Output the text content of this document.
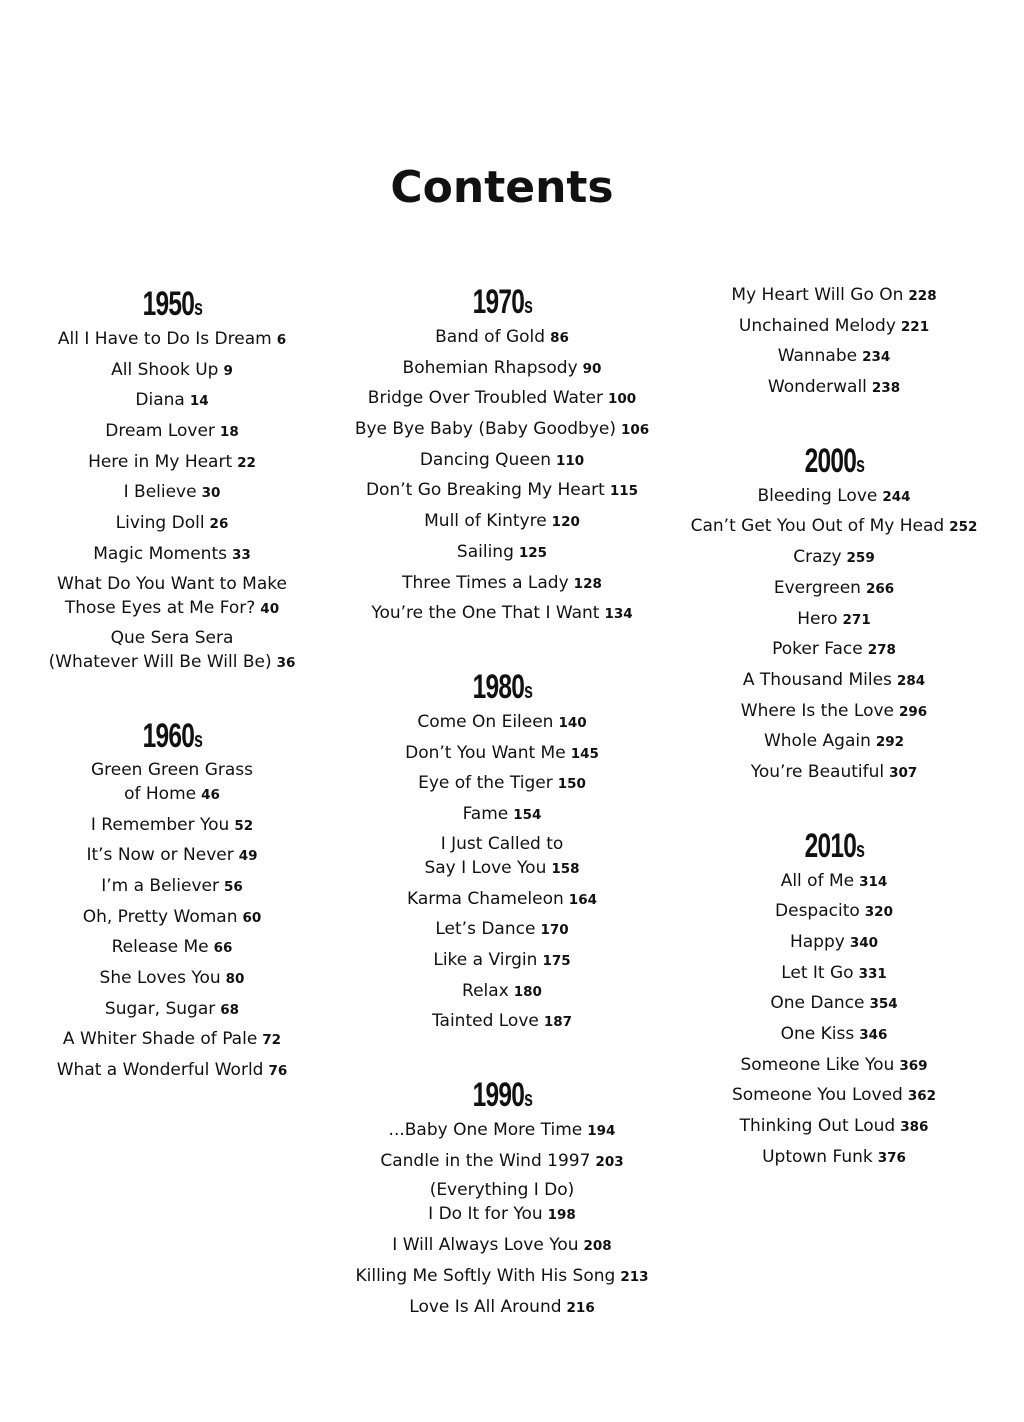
Contents
1950s
All I Have to Do Is Dream 6
All Shook Up 9
Diana 14
Dream Lover 18
Here in My Heart 22
I Believe 30
Living Doll 26
Magic Moments 33
What Do You Want to Make
Those Eyes at Me For? 40
Que Sera Sera
(Whatever Will Be Will Be) 36
1960s
Green Green Grass
of Home 46
I Remember You 52
It’s Now or Never 49
I’m a Believer 56
Oh, Pretty Woman 60
Release Me 66
She Loves You 80
Sugar, Sugar 68
A Whiter Shade of Pale 72
What a Wonderful World 76
1970s
Band of Gold 86
Bohemian Rhapsody 90
Bridge Over Troubled Water 100
Bye Bye Baby (Baby Goodbye) 106
Dancing Queen 110
Don’t Go Breaking My Heart 115
Mull of Kintyre 120
Sailing 125
Three Times a Lady 128
You’re the One That I Want 134
1980s
Come On Eileen 140
Don’t You Want Me 145
Eye of the Tiger 150
Fame 154
I Just Called to
Say I Love You 158
Karma Chameleon 164
Let’s Dance 170
Like a Virgin 175
Relax 180
Tainted Love 187
1990s
...Baby One More Time 194
Candle in the Wind 1997 203
(Everything I Do)
I Do It for You 198
I Will Always Love You 208
Killing Me Softly With His Song 213
Love Is All Around 216
My Heart Will Go On 228
Unchained Melody 221
Wannabe 234
Wonderwall 238
2000s
Bleeding Love 244
Can’t Get You Out of My Head 252
Crazy 259
Evergreen 266
Hero 271
Poker Face 278
A Thousand Miles 284
Where Is the Love 296
Whole Again 292
You’re Beautiful 307
2010s
All of Me 314
Despacito 320
Happy 340
Let It Go 331
One Dance 354
One Kiss 346
Someone Like You 369
Someone You Loved 362
Thinking Out Loud 386
Uptown Funk 376
